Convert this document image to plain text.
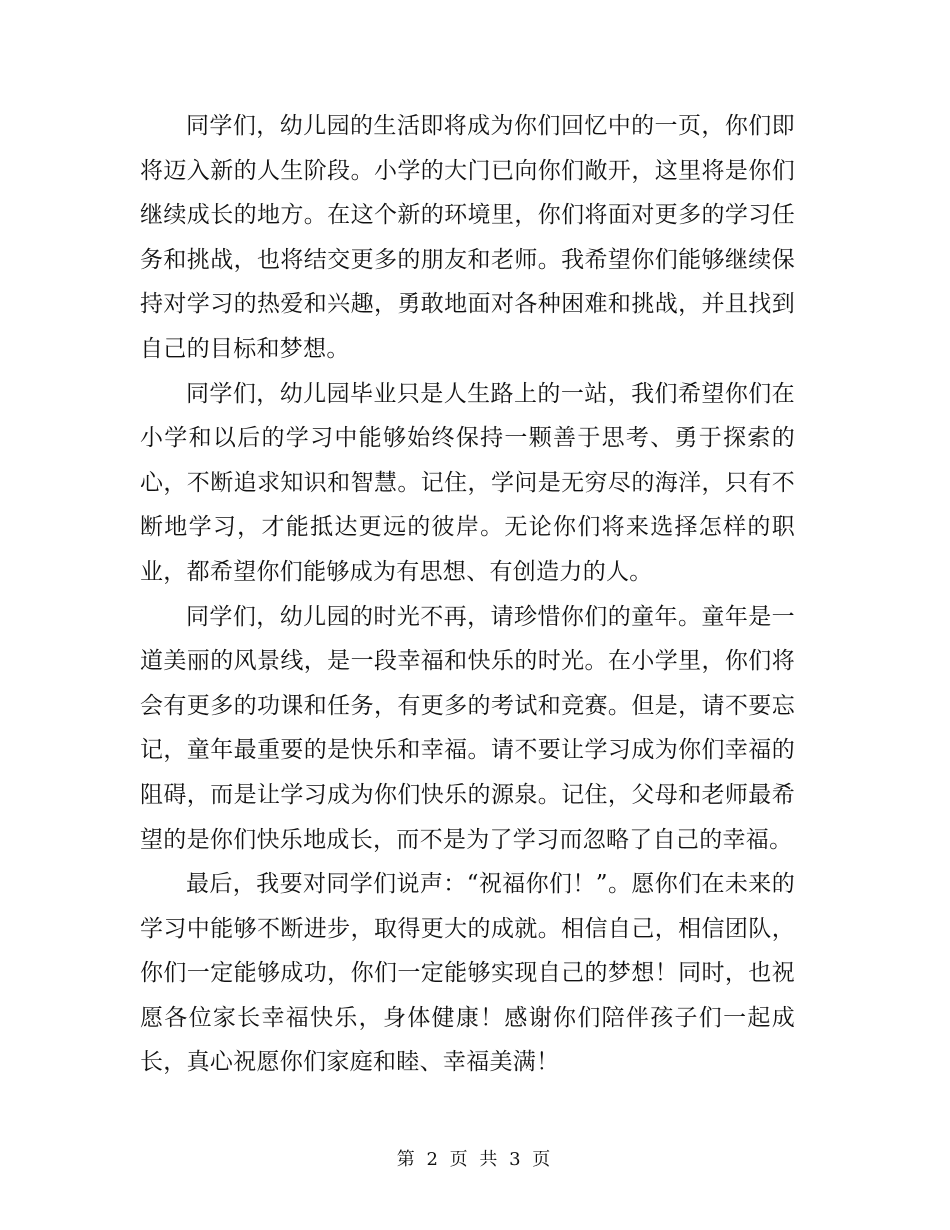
同学们，幼儿园的生活即将成为你们回忆中的一页，你们即将迈入新的人生阶段。小学的大门已向你们敞开，这里将是你们继续成长的地方。在这个新的环境里，你们将面对更多的学习任务和挑战，也将结交更多的朋友和老师。我希望你们能够继续保持对学习的热爱和兴趣，勇敢地面对各种困难和挑战，并且找到自己的目标和梦想。

同学们，幼儿园毕业只是人生路上的一站，我们希望你们在小学和以后的学习中能够始终保持一颗善于思考、勇于探索的心，不断追求知识和智慧。记住，学问是无穷尽的海洋，只有不断地学习，才能抵达更远的彼岸。无论你们将来选择怎样的职业，都希望你们能够成为有思想、有创造力的人。

同学们，幼儿园的时光不再，请珍惜你们的童年。童年是一道美丽的风景线，是一段幸福和快乐的时光。在小学里，你们将会有更多的功课和任务，有更多的考试和竞赛。但是，请不要忘记，童年最重要的是快乐和幸福。请不要让学习成为你们幸福的阻碍，而是让学习成为你们快乐的源泉。记住，父母和老师最希望的是你们快乐地成长，而不是为了学习而忽略了自己的幸福。

最后，我要对同学们说声：“祝福你们！”。愿你们在未来的学习中能够不断进步，取得更大的成就。相信自己，相信团队，你们一定能够成功，你们一定能够实现自己的梦想！同时，也祝愿各位家长幸福快乐，身体健康！感谢你们陪伴孩子们一起成长，真心祝愿你们家庭和睦、幸福美满！

第 2 页 共 3 页
